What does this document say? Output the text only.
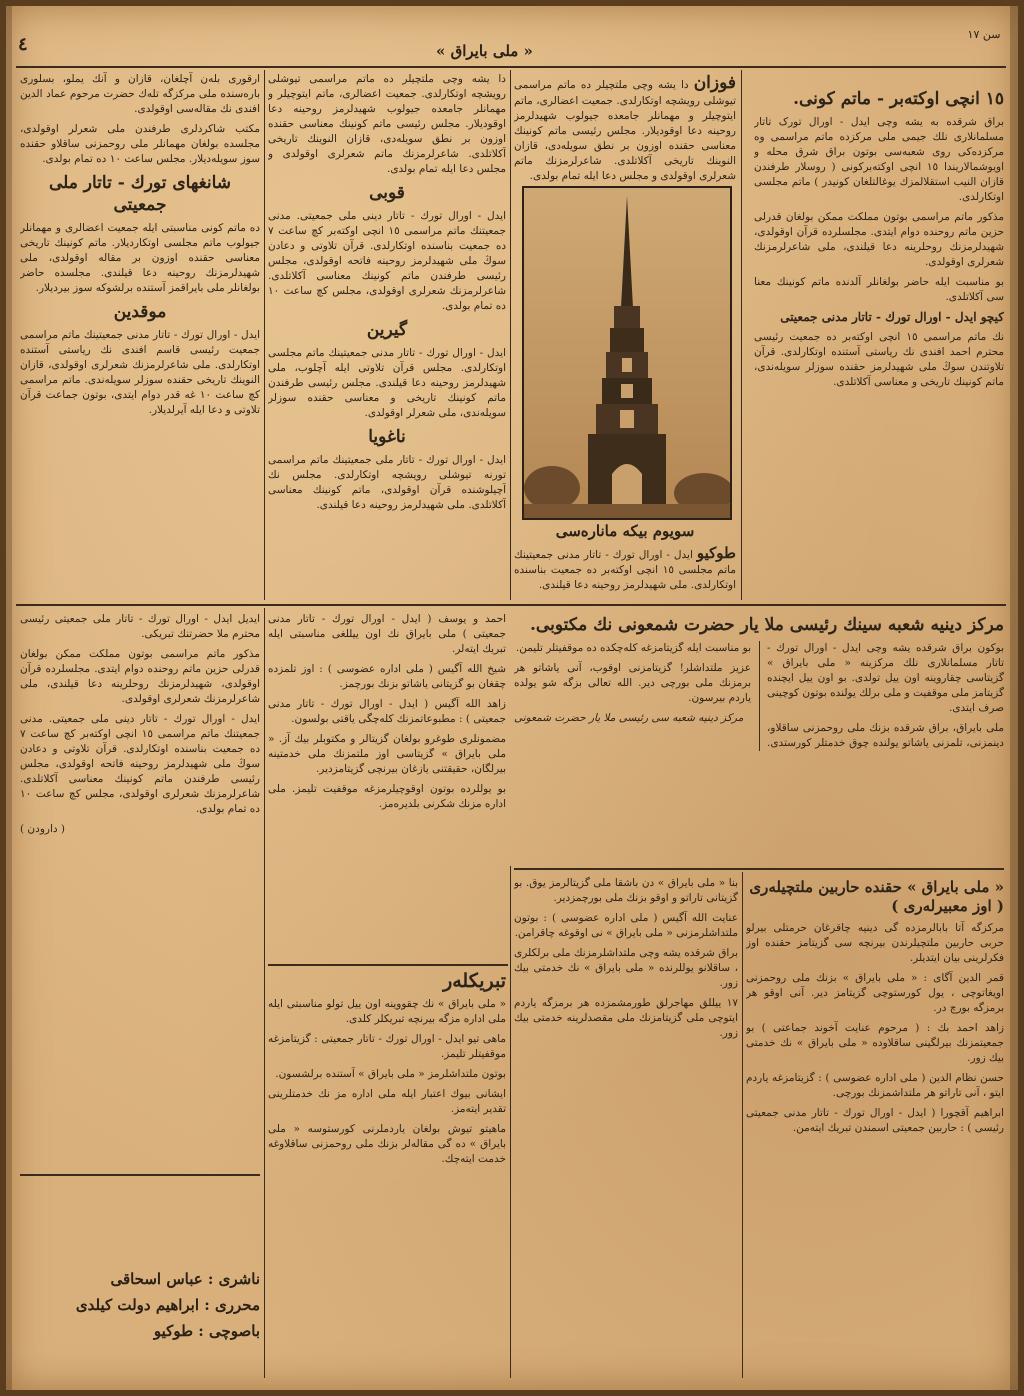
٤	« ملی بایراق »
سن ١٧
١٥ انچی اوکتەبر - ماتم کونی.

براق شرقدە بە یشە وچی ایدل - اورال تورک تاتار مسلمانلاری نلك جیمی ملی مرکزده ماتم مراسمی وە مرکزدەکی روی شعبەسی بوتون براق شرق محلە و اویوشمالاریندا ١٥ انچی اوکتەبرکونی ( روسلار طرفندن قازان النیب استقلالمزك یوغالتلغان کونیدر ) ماتم مجلسی اوتکارلدی.

مذکور ماتم مراسمی بوتون مملکت ممکن بولغان قدرلی حزین ماتم روحندە دوام ایتدی. مجلسلردە قرآن اوقولدی، شهیدلرمزنك روحلرینە دعا قیلندی، ملی شاعرلرمزنك شعرلری اوقولدی.

بو مناسبت ایلە حاضر بولغانلر آلدندە ماتم کونینك معنا سی آکلاتلدی.

کیچو ایدل - اورال تورك - تاتار مدنی جمعیتی

نك ماتم مراسمی ١٥ انچی اوکتەبر ده جمعیت رئیسی محترم احمد افندی نك ریاستی آستندە اوتکارلدی. قرآن تلاوتندن سوڭ ملی شهیدلرمز حقندە سوزلر سویلەندی، ماتم کونینك تاریخی و معناسی آکلاتلدی.

فوزان دا یشە وچی ملتچیلر ده ماتم مراسمی تیوشلی رویشچە اوتکارلدی. جمعیت اعضالری، ماتم ایتوچیلر و مهمانلر جامعدە جیولوب شهیدلرمز روحینە دعا اوقودیلار. مجلس رئیسی ماتم کونینك معناسی حقندە اوزون بر نطق سویلەدی، قازان النوینك تاریخی آکلاتلدی. شاعرلرمزنك ماتم شعرلری اوقولدی و مجلس دعا ایلە تمام بولدی.
سویوم بیکه مانارەسی
طوکیو ایدل - اورال تورك - تاتار مدنی جمعیتینك ماتم مجلسی ١٥ انچی اوکتەبر ده جمعیت بناسندە اوتکارلدی. ملی شهیدلرمز روحینە دعا قیلندی.

دا یشە وچی ملتچیلر ده ماتم مراسمی تیوشلی رویشچە اوتکارلدی. جمعیت اعضالری، ماتم ایتوچیلر و مهمانلر جامعدە جیولوب شهیدلرمز روحینە دعا اوقودیلار. مجلس رئیسی ماتم کونینك معناسی حقندە اوزون بر نطق سویلەدی، قازان النوینك تاریخی آکلاتلدی. شاعرلرمزنك ماتم شعرلری اوقولدی و مجلس دعا ایلە تمام بولدی.

قوبی

ایدل - اورال تورك - تاتار دینی ملی جمعیتی. مدنی جمعیتنك ماتم مراسمی ١٥ انچی اوکتەبر کچ ساعت ٧ دە جمعیت بناسندە اوتکارلدی. قرآن تلاوتی و دعادن سوڭ ملی شهیدلرمز روحینە فاتحە اوقولدی، مجلس رئیسی طرفندن ماتم کونینك معناسی آکلاتلدی. شاعرلرمزنك شعرلری اوقولدی، مجلس کچ ساعت ١٠ دە تمام بولدی.

گیرین

ایدل - اورال تورك - تاتار مدنی جمعیتینك ماتم مجلسی اوتکارلدی. مجلس قرآن تلاوتی ایلە آچلوب، ملی شهیدلرمز روحینە دعا قیلندی. مجلس رئیسی طرفندن ماتم کونینك تاریخی و معناسی حقندە سوزلر سویلەندی، ملی شعرلر اوقولدی.

ناغویا

ایدل - اورال تورك - تاتار ملی جمعیتینك ماتم مراسمی تورنە تیوشلی رویشچە اوتکارلدی. مجلس نك آچیلوشندە قرآن اوقولدی، ماتم کونینك معناسی آکلاتلدی. ملی شهیدلرمز روحینە دعا قیلندی.

ارقوری بلەن آچلغان، قازان و آنك یملو، بسلوری بارەسندە ملی مرکزگە تلەك حضرت مرحوم عماد الدین افندی نك مقالەسی اوقولدی.

مکتب شاکردلری طرفندن ملی شعرلر اوقولدی، مجلسدە بولغان مهمانلر ملی روحمزنی ساقلاو حقندە سوز سویلەدیلار. مجلس ساعت ١٠ دە تمام بولدی.

شانغهای تورك - تاتار ملی جمعیتی

ده ماتم کونی مناسبتی ایلە جمعیت اعضالری و مهمانلر جیولوب ماتم مجلسی اوتکاردیلار. ماتم کونینك تاریخی معناسی حقندە اوزون بر مقالە اوقولدی، ملی شهیدلرمزنك روحینە دعا قیلندی. مجلسدە حاضر بولغانلر ملی بایراقمز آستندە برلشوكە سوز بیردیلار.

موقدین

ایدل - اورال تورك - تاتار مدنی جمعیتینك ماتم مراسمی جمعیت رئیسی قاسم افندی نك ریاستی آستندە اوتکارلدی. ملی شاعرلرمزنك شعرلری اوقولدی، قازان النوینك تاریخی حقندە سوزلر سویلەندی. ماتم مراسمی کچ ساعت ١٠ غە قدر دوام ایتدی، بوتون جماعت قرآن تلاوتی و دعا ایلە آیرلدیلار.

مرکز دینیه شعبه سینك رئیسی ملا یار حضرت شمعونی نك مکتوبی.

بوکون براق شرقدە یشە وچی ایدل - اورال تورك - تاتار مسلمانلاری نلك مرکزینە « ملی بایراق » گزیتاسی چقاروینە اون ییل تولدی. بو اون ییل ایچندە گزیتامز ملی موقفیت و ملی برلك یولندە بوتون کوچینی صرف ایتدی.

ملی بایراق، براق شرقدە بزنك ملی روحمزنی ساقلاو، دینمزنی، تلمزنی یاشاتو یولندە چوق خدمتلر کورستدی. بو مناسبت ایلە گزیتامزغە کلەچکدە دە موقفیتلر تلیمن.

عزیز ملتداشلر! گزیتامزنی اوقوب، آنی یاشاتو هر برمزنك ملی بورچی دیر. الله تعالی بزگە شو یولدە یاردم بیرسون.

مرکز دینیه شعبه سی رئیسی ملا یار حضرت شمعونی

احمد و یوسف ( ایدل - اورال تورك - تاتار مدنی جمعیتی ) ملی بایراق نك اون ییللغی مناسبتی ایلە تبریك ایتەلر.

شیخ الله آگیس ( ملی اداره عضوسی ) : اوز تلمزدە چقغان بو گزیتانی یاشاتو بزنك بورچمز.

زاهد الله آگیس ( ایدل - اورال تورك - تاتار مدنی جمعیتی ) : مطبوعاتمزنك کلەچگی یاقتی بولسون.

مضمونلری طوغرو بولغان گزیتالر و مکتوبلر بیك آز. « ملی بایراق » گزیتاسی اوز ملتمزنك ملی خدمتینە بیرلگان، حقیقتنی یازغان بیرنچی گزیتامزدیر.

بو یوللردە بوتون اوقوچیلرمزغە موقفیت تلیمز. ملی اداره مزنك شکرنی بلدیرەمز.

تبریکلەر

« ملی بایراق » نك چقووینە اون ییل تولو مناسبتی ایلە ملی اداره مزگە بیرنچە تبریکلر کلدی.

ماهی تیو ایدل - اورال تورك - تاتار جمعیتی : گزیتامزغە موقفیتلر تلیمز.

بوتون ملتداشلرمز « ملی بایراق » آستندە برلشسون.

ایشانی بیوك اعتبار ایلە ملی اداره مز نك خدمتلرینی تقدیر ایتەمز.

ماهیتو تیوش بولغان یاردملرنی کورستوسە « ملی بایراق » دە گی مقالەلر بزنك ملی روحمزنی ساقلاوغە خدمت ایتەچك.

« ملی بایراق » حقندە حاربین ملتچیلەری ( اوز معبیرلەری )

مرکزگە آتا بابالرمزدە گی دینیه چاقرغان حرمتلی بیرلو حربی حاربین ملتچیلرندن بیرنچە سی گزیتامز حقندە اوز فکرلرینی بیان ایتدیلر.

قمر الدین آگای : « ملی بایراق » بزنك ملی روحمزنی اویغاتوچی ، یول کورستوچی گزیتامز دیر. آنی اوقو هر برمزگە بورچ در.

زاهد احمد بك : ( مرحوم عنایت آخوند جماعتی ) بو جمعیتمزنك بیرلگینی ساقلاودە « ملی بایراق » نك خدمتی بیك زور.

حسن نظام الدین ( ملی اداره عضوسی ) : گزیتامزغە یاردم ایتو ، آنی تاراتو هر ملتداشمزنك بورچی.

ابراهیم آقچورا ( ایدل - اورال تورك - تاتار مدنی جمعیتی رئیسی ) : حاربین جمعیتی اسمندن تبریك ایتەمن.

بنا « ملی بایراق » دن باشقا ملی گزیتالرمز یوق. بو گزیتانی تاراتو و اوقو بزنك ملی بورچمزدیر.

عنایت الله آگیس ( ملی اداره عضوسی ) : بوتون ملتداشلرمزنی « ملی بایراق » نی اوقوغە چاقرامن.

براق شرقدە یشە وچی ملتداشلرمزنك ملی برلكلری ، ساقلانو یوللرندە « ملی بایراق » نك خدمتی بیك زور.

١٧ ییللق مهاجرلق طورمشمزدە هر برمزگە یاردم ایتوچی ملی گزیتامزنك ملی مقصدلرینە خدمتی بیك زور.

ایدیل ایدل - اورال تورك - تاتار ملی جمعیتی رئیسی محترم ملا حضرتنك تبریکی.

مذکور ماتم مراسمی بوتون مملکت ممکن بولغان قدرلی حزین ماتم روحندە دوام ایتدی. مجلسلردە قرآن اوقولدی، شهیدلرمزنك روحلرینە دعا قیلندی، ملی شاعرلرمزنك شعرلری اوقولدی.

ایدل - اورال تورك - تاتار دینی ملی جمعیتی. مدنی جمعیتنك ماتم مراسمی ١٥ انچی اوکتەبر کچ ساعت ٧ دە جمعیت بناسندە اوتکارلدی. قرآن تلاوتی و دعادن سوڭ ملی شهیدلرمز روحینە فاتحە اوقولدی، مجلس رئیسی طرفندن ماتم کونینك معناسی آکلاتلدی. شاعرلرمزنك شعرلری اوقولدی، مجلس کچ ساعت ١٠ دە تمام بولدی.

( دارودن )

ناشری : عباس اسحاقی
محرری : ابراهیم دولت کیلدی
باصوچی : طوکیو
